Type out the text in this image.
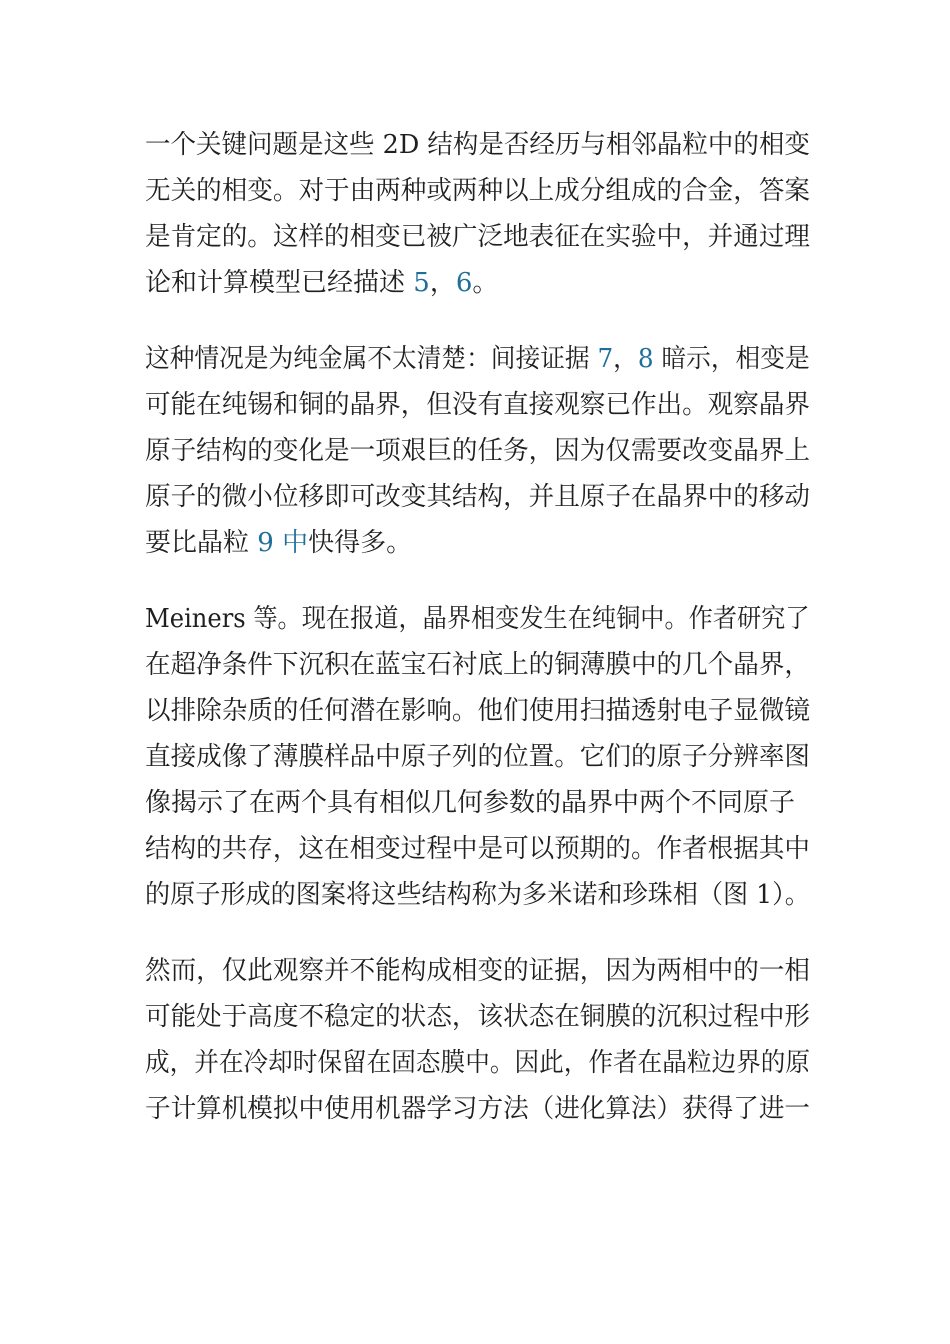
一个关键问题是这些 2D 结构是否经历与相邻晶粒中的相变
无关的相变。对于由两种或两种以上成分组成的合金，答案
是肯定的。这样的相变已被广泛地表征在实验中，并通过理
论和计算模型已经描述 5，6。
这种情况是为纯金属不太清楚：间接证据 7，8 暗示，相变是
可能在纯锡和铜的晶界，但没有直接观察已作出。观察晶界
原子结构的变化是一项艰巨的任务，因为仅需要改变晶界上
原子的微小位移即可改变其结构，并且原子在晶界中的移动
要比晶粒 9 中快得多。
Meiners 等。现在报道，晶界相变发生在纯铜中。作者研究了
在超净条件下沉积在蓝宝石衬底上的铜薄膜中的几个晶界，
以排除杂质的任何潜在影响。他们使用扫描透射电子显微镜
直接成像了薄膜样品中原子列的位置。它们的原子分辨率图
像揭示了在两个具有相似几何参数的晶界中两个不同原子
结构的共存，这在相变过程中是可以预期的。作者根据其中
的原子形成的图案将这些结构称为多米诺和珍珠相（图 1）。
然而，仅此观察并不能构成相变的证据，因为两相中的一相
可能处于高度不稳定的状态，该状态在铜膜的沉积过程中形
成，并在冷却时保留在固态膜中。因此，作者在晶粒边界的原
子计算机模拟中使用机器学习方法（进化算法）获得了进一
